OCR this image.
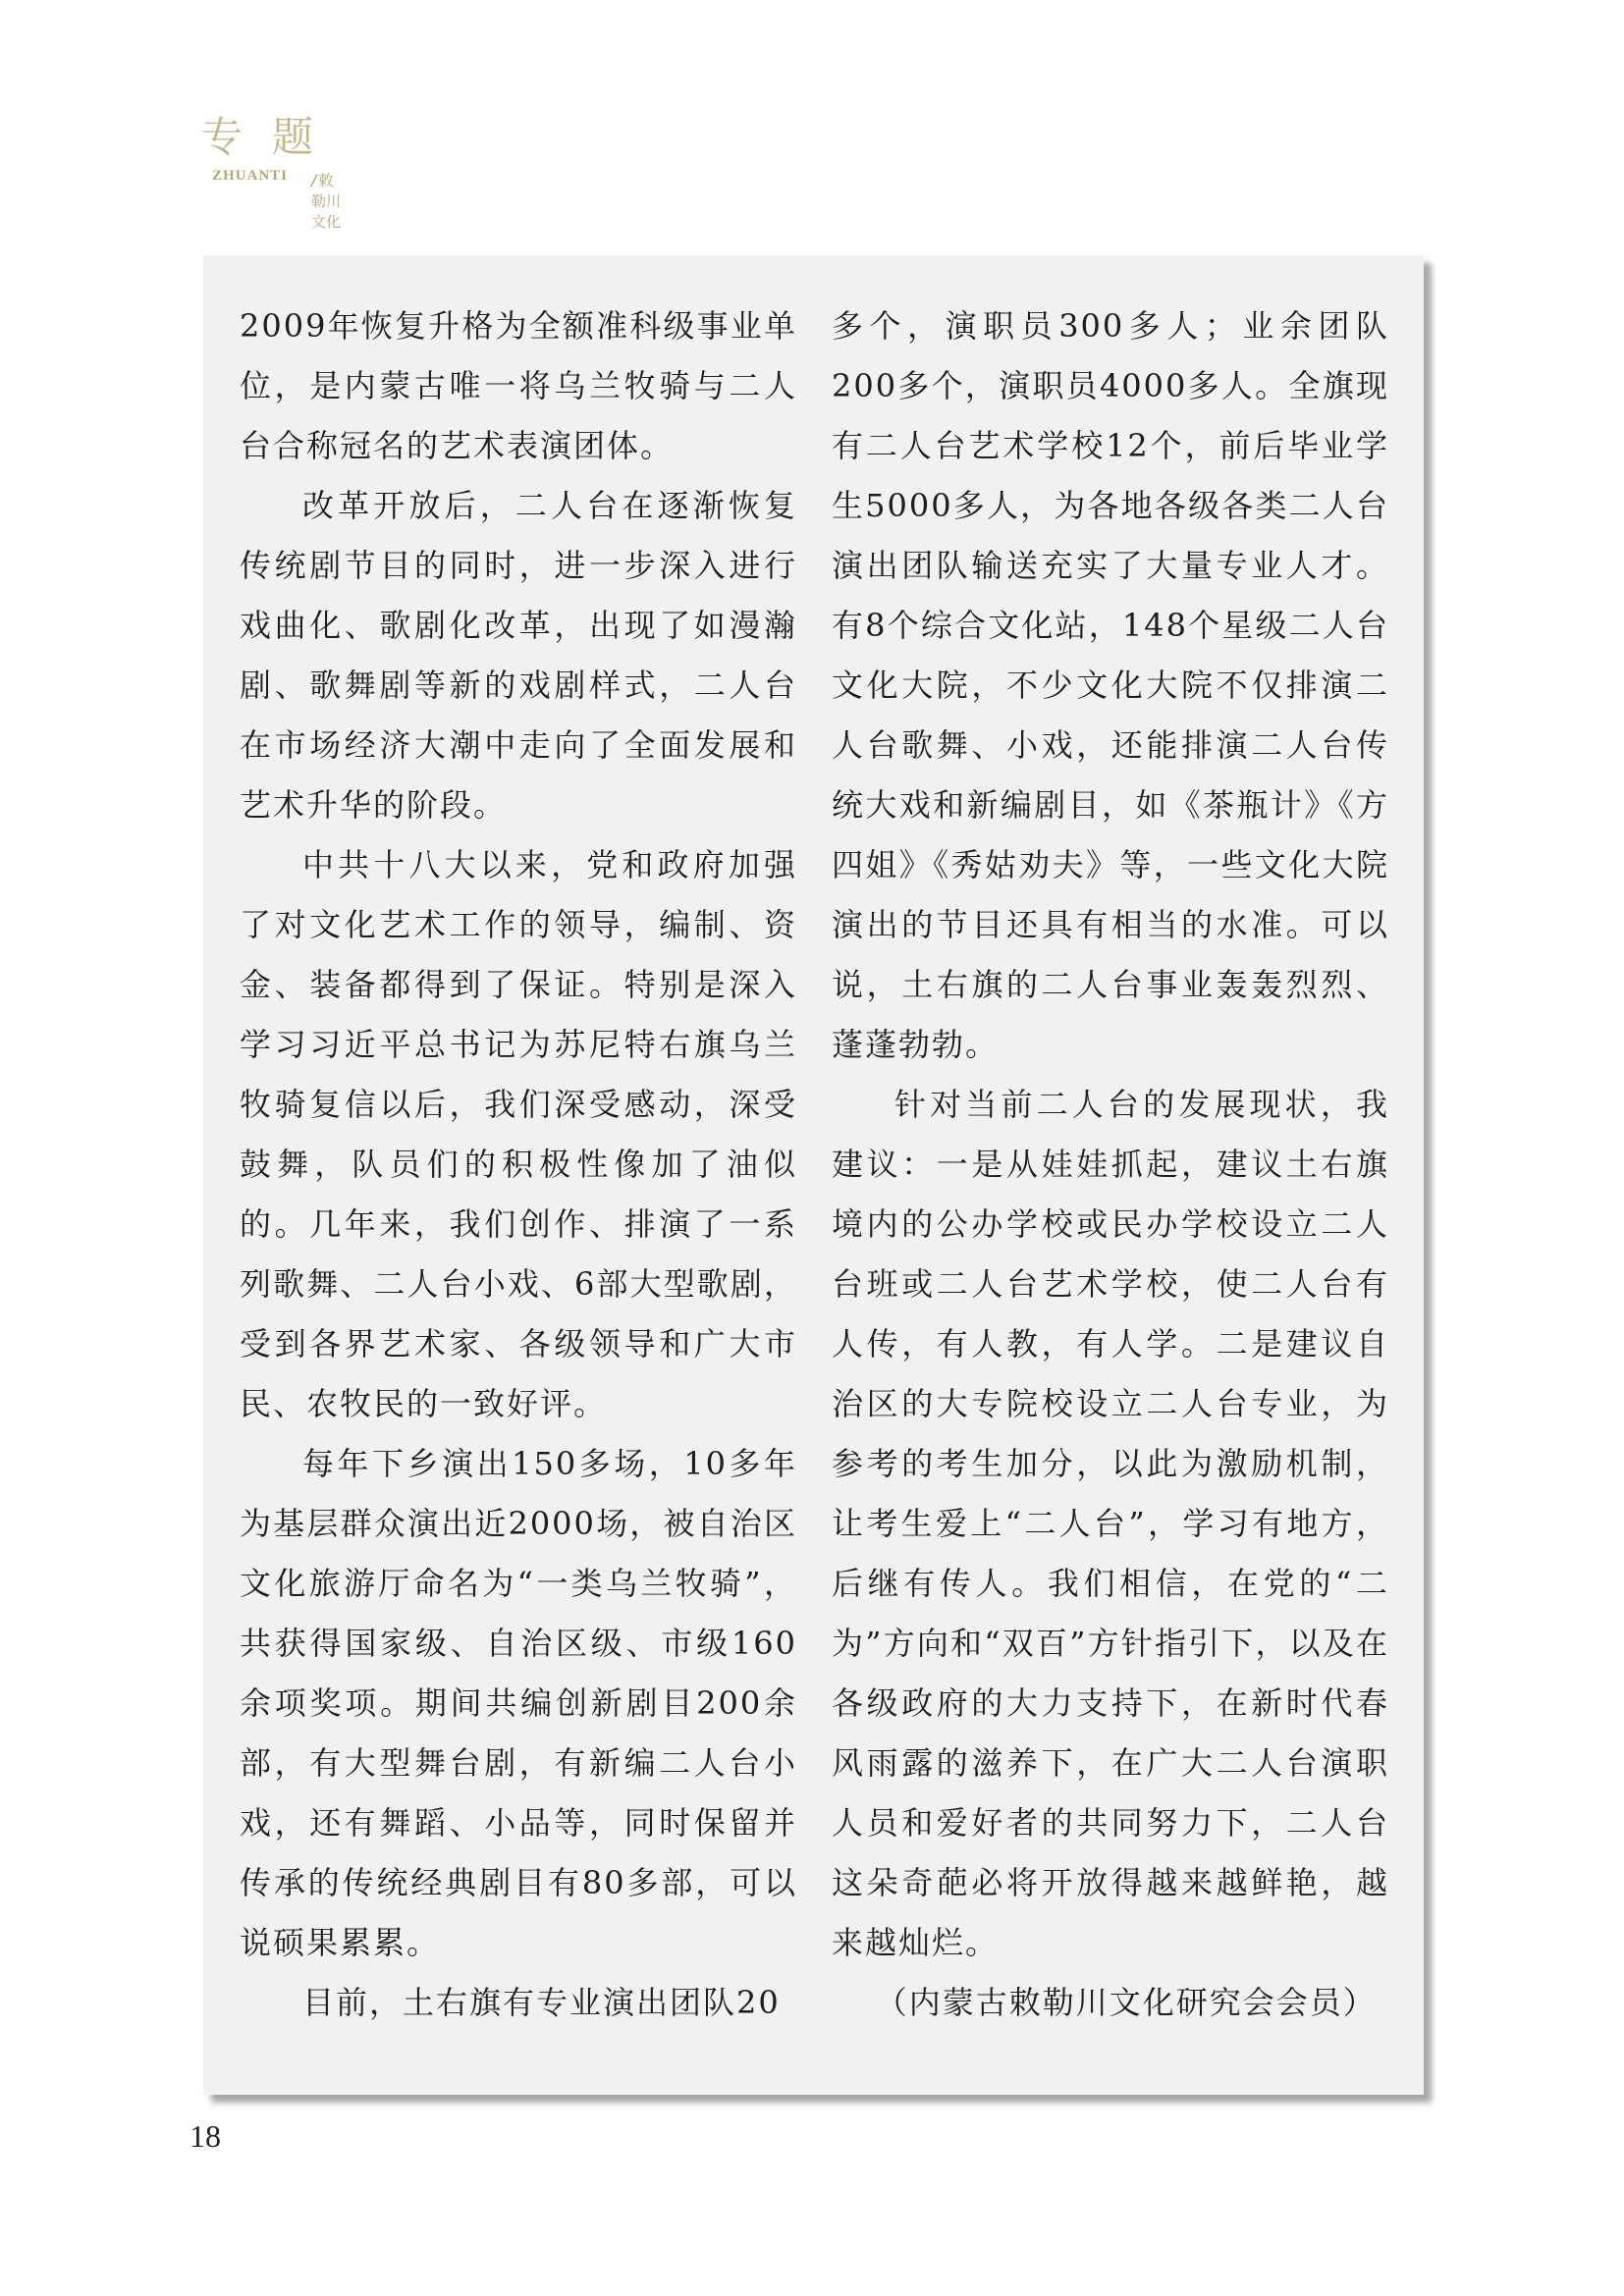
专题
ZHUANTI / 敕勒川文化

2009年恢复升格为全额准科级事业单位，是内蒙古唯一将乌兰牧骑与二人台合称冠名的艺术表演团体。

改革开放后，二人台在逐渐恢复传统剧节目的同时，进一步深入进行戏曲化、歌剧化改革，出现了如漫瀚剧、歌舞剧等新的戏剧样式，二人台在市场经济大潮中走向了全面发展和艺术升华的阶段。

中共十八大以来，党和政府加强了对文化艺术工作的领导，编制、资金、装备都得到了保证。特别是深入学习习近平总书记为苏尼特右旗乌兰牧骑复信以后，我们深受感动，深受鼓舞，队员们的积极性像加了油似的。几年来，我们创作、排演了一系列歌舞、二人台小戏、6部大型歌剧，受到各界艺术家、各级领导和广大市民、农牧民的一致好评。

每年下乡演出150多场，10多年为基层群众演出近2000场，被自治区文化旅游厅命名为“一类乌兰牧骑”，共获得国家级、自治区级、市级160余项奖项。期间共编创新剧目200余部，有大型舞台剧，有新编二人台小戏，还有舞蹈、小品等，同时保留并传承的传统经典剧目有80多部，可以说硕果累累。

目前，土右旗有专业演出团队20

多个，演职员300多人；业余团队200多个，演职员4000多人。全旗现有二人台艺术学校12个，前后毕业学生5000多人，为各地各级各类二人台演出团队输送充实了大量专业人才。有8个综合文化站，148个星级二人台文化大院，不少文化大院不仅排演二人台歌舞、小戏，还能排演二人台传统大戏和新编剧目，如《茶瓶计》《方四姐》《秀姑劝夫》等，一些文化大院演出的节目还具有相当的水准。可以说，土右旗的二人台事业轰轰烈烈、蓬蓬勃勃。

针对当前二人台的发展现状，我建议：一是从娃娃抓起，建议土右旗境内的公办学校或民办学校设立二人台班或二人台艺术学校，使二人台有人传，有人教，有人学。二是建议自治区的大专院校设立二人台专业，为参考的考生加分，以此为激励机制，让考生爱上“二人台”，学习有地方，后继有传人。我们相信，在党的“二为”方向和“双百”方针指引下，以及在各级政府的大力支持下，在新时代春风雨露的滋养下，在广大二人台演职人员和爱好者的共同努力下，二人台这朵奇葩必将开放得越来越鲜艳，越来越灿烂。

（内蒙古敕勒川文化研究会会员）

18
